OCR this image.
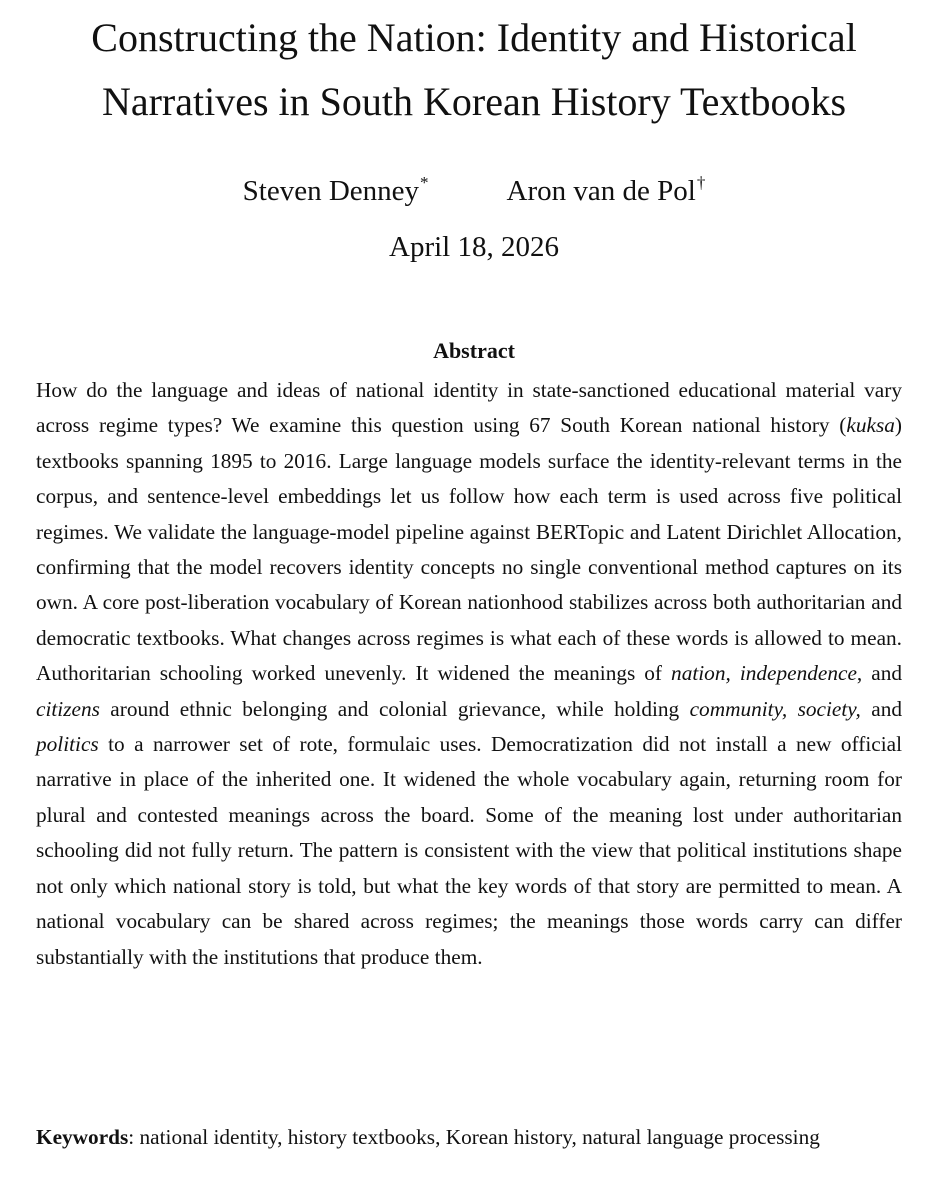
Constructing the Nation: Identity and Historical Narratives in South Korean History Textbooks
Steven Denney*	Aron van de Pol†
April 18, 2026
Abstract

How do the language and ideas of national identity in state-sanctioned educational material vary across regime types? We examine this question using 67 South Korean national history (kuksa) textbooks spanning 1895 to 2016. Large language models surface the identity-relevant terms in the corpus, and sentence-level embeddings let us follow how each term is used across five political regimes. We validate the language-model pipeline against BERTopic and Latent Dirichlet Allocation, confirming that the model recovers identity concepts no single conventional method captures on its own. A core post-liberation vocabulary of Korean nationhood stabilizes across both authoritarian and democratic textbooks. What changes across regimes is what each of these words is allowed to mean. Authoritarian schooling worked unevenly. It widened the meanings of nation, independence, and citizens around ethnic belonging and colonial grievance, while holding community, society, and politics to a narrower set of rote, formulaic uses. Democratization did not install a new official narrative in place of the inherited one. It widened the whole vocabulary again, returning room for plural and contested meanings across the board. Some of the meaning lost under authoritarian schooling did not fully return. The pattern is consistent with the view that political institutions shape not only which national story is told, but what the key words of that story are permitted to mean. A national vocabulary can be shared across regimes; the meanings those words carry can differ substantially with the institutions that produce them.

Keywords: national identity, history textbooks, Korean history, natural language processing
